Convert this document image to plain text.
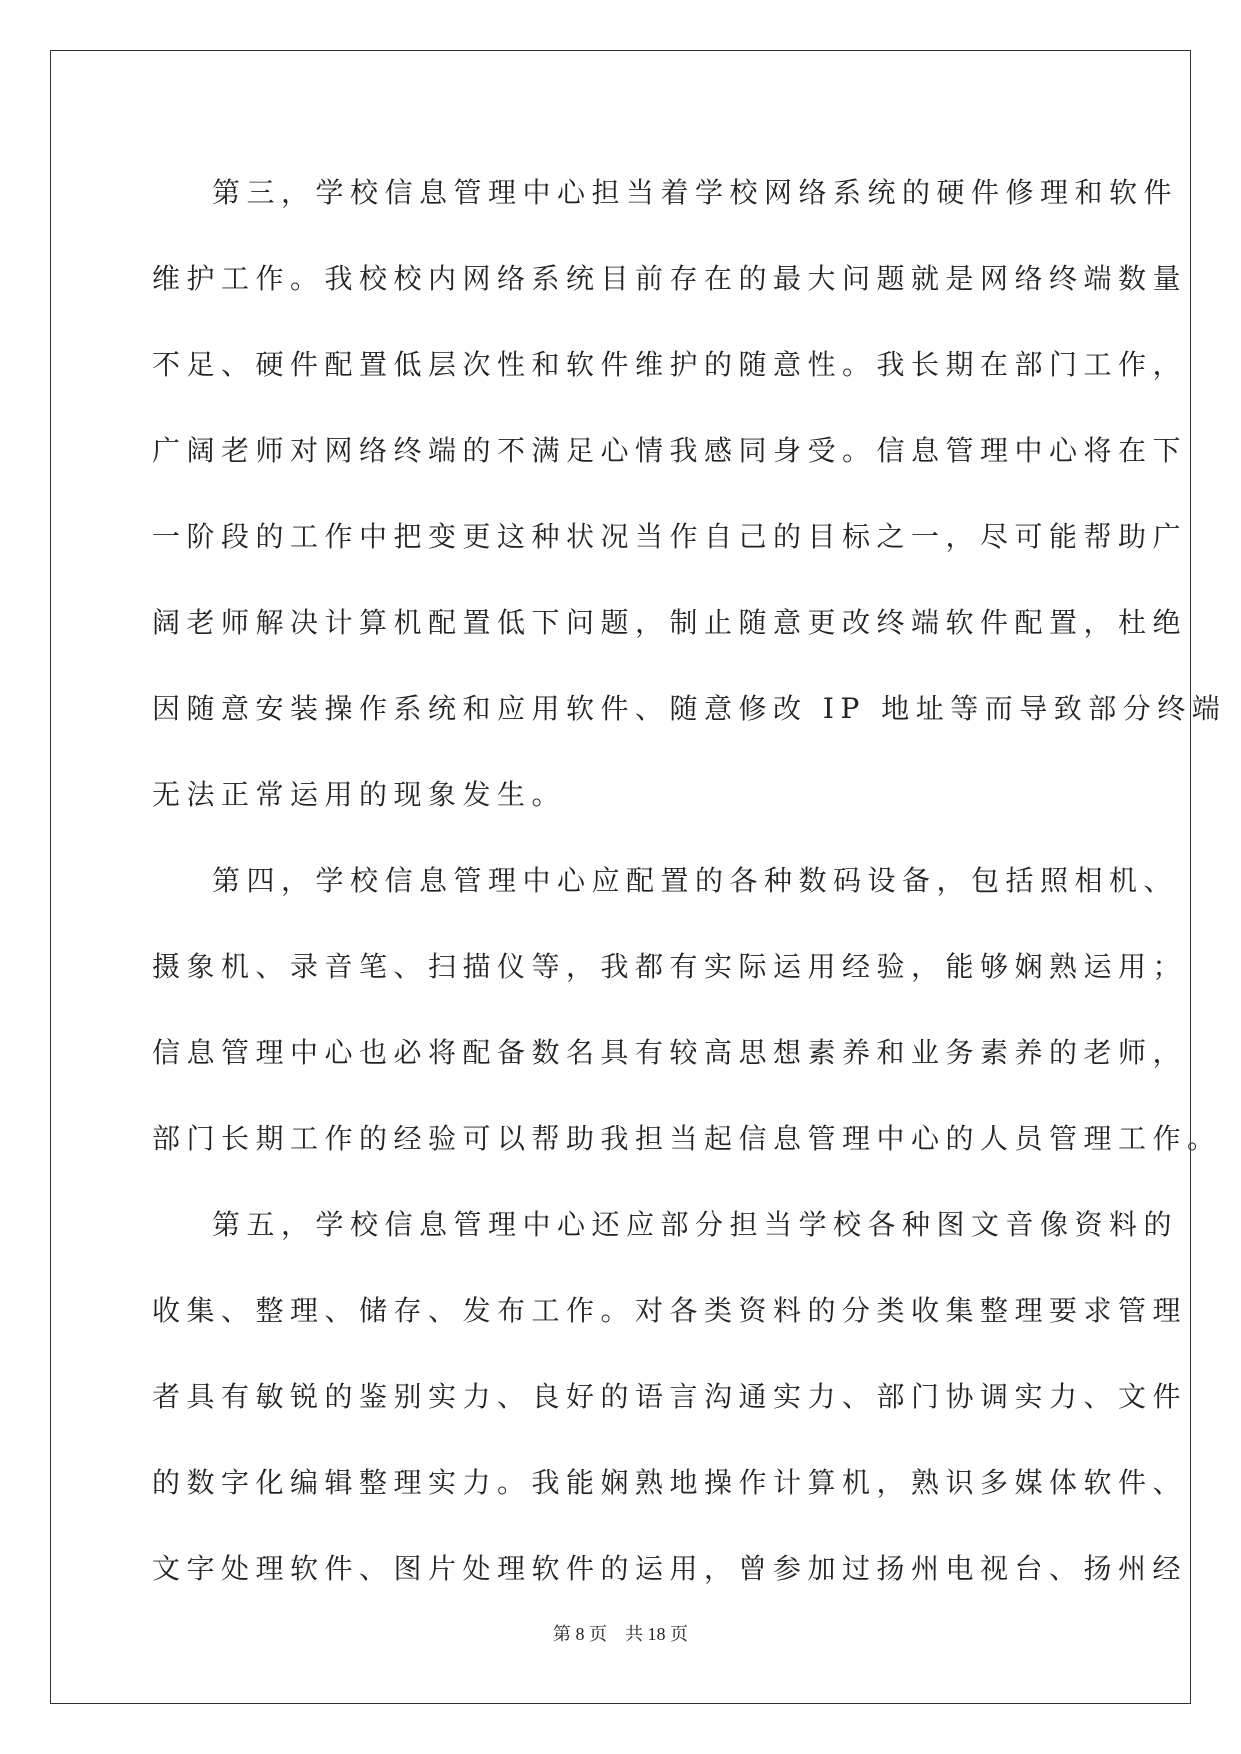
第三，学校信息管理中心担当着学校网络系统的硬件修理和软件
维护工作。我校校内网络系统目前存在的最大问题就是网络终端数量
不足、硬件配置低层次性和软件维护的随意性。我长期在部门工作，
广阔老师对网络终端的不满足心情我感同身受。信息管理中心将在下
一阶段的工作中把变更这种状况当作自己的目标之一，尽可能帮助广
阔老师解决计算机配置低下问题，制止随意更改终端软件配置，杜绝
因随意安装操作系统和应用软件、随意修改 IP 地址等而导致部分终端
无法正常运用的现象发生。
第四，学校信息管理中心应配置的各种数码设备，包括照相机、
摄象机、录音笔、扫描仪等，我都有实际运用经验，能够娴熟运用；
信息管理中心也必将配备数名具有较高思想素养和业务素养的老师，
部门长期工作的经验可以帮助我担当起信息管理中心的人员管理工作。
第五，学校信息管理中心还应部分担当学校各种图文音像资料的
收集、整理、储存、发布工作。对各类资料的分类收集整理要求管理
者具有敏锐的鉴别实力、良好的语言沟通实力、部门协调实力、文件
的数字化编辑整理实力。我能娴熟地操作计算机，熟识多媒体软件、
文字处理软件、图片处理软件的运用，曾参加过扬州电视台、扬州经
第 8 页 共 18 页
